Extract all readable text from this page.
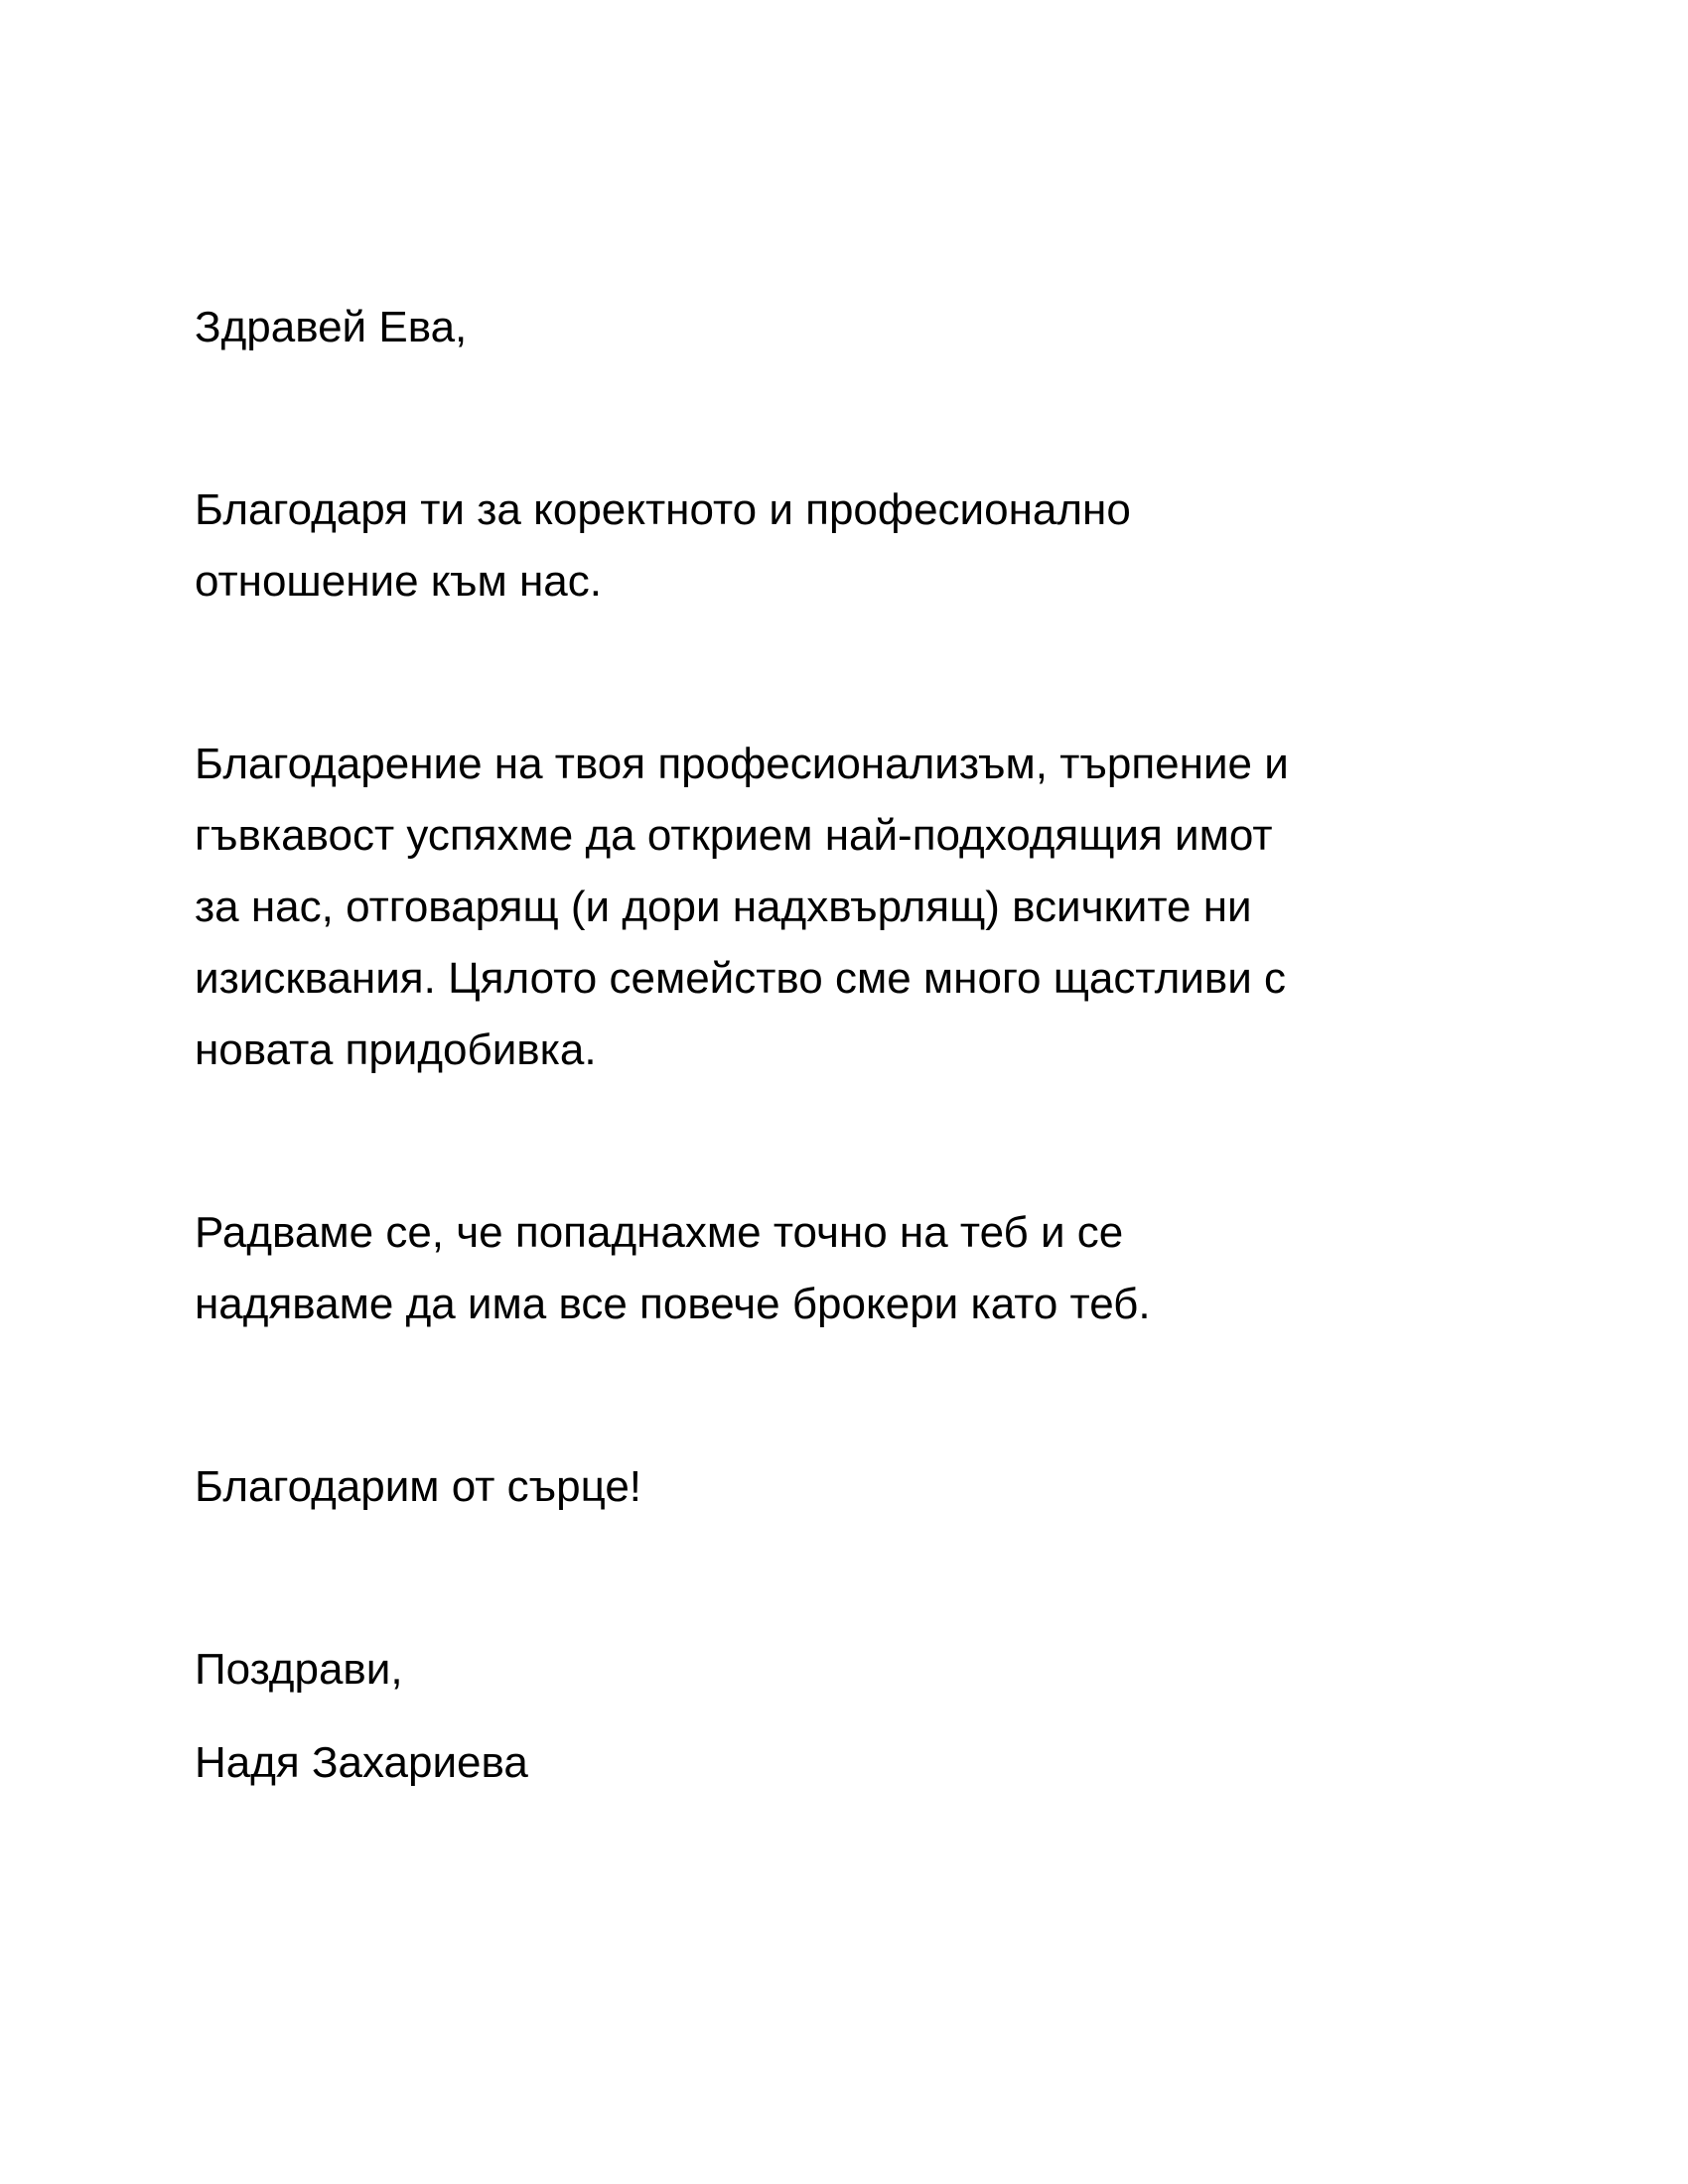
Здравей Ева,

Благодаря ти за коректното и професионално
отношение към нас.

Благодарение на твоя професионализъм, търпение и
гъвкавост успяхме да открием най-подходящия имот
за нас, отговарящ (и дори надхвърлящ) всичките ни
изисквания. Цялото семейство сме много щастливи с
новата придобивка.

Радваме се, че попаднахме точно на теб и се
надяваме да има все повече брокери като теб.

Благодарим от сърце!

Поздрави,

Надя Захариева
